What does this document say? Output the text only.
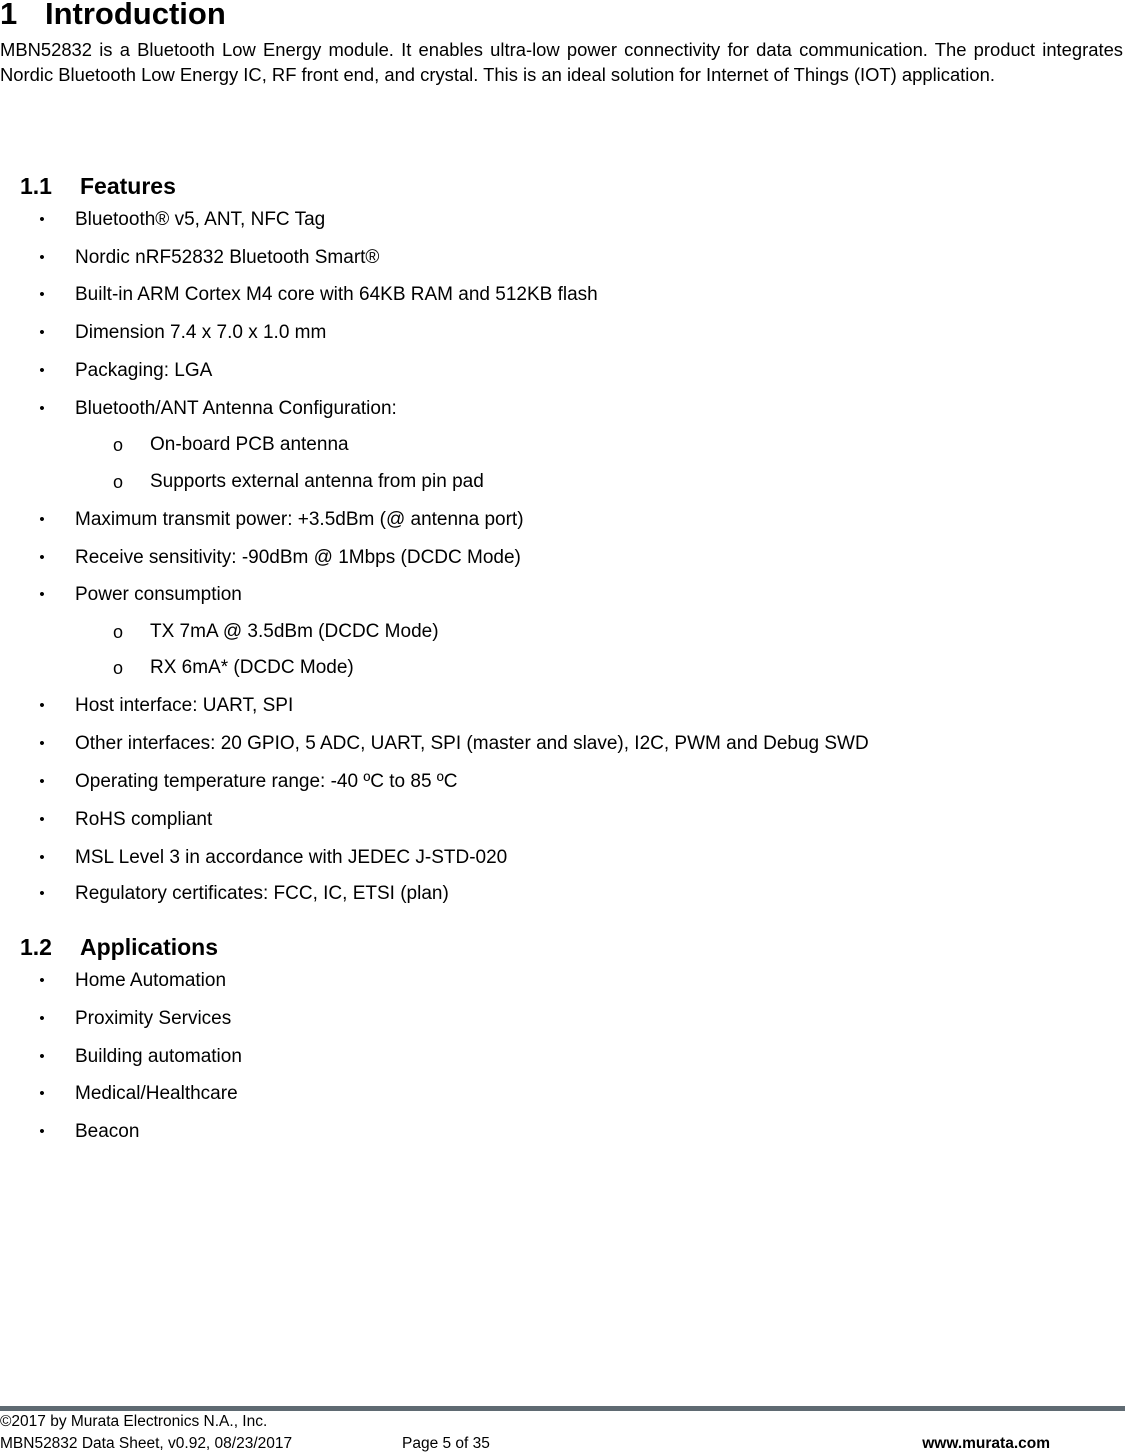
1 Introduction
MBN52832 is a Bluetooth Low Energy module. It enables ultra-low power connectivity for data communication. The product integrates Nordic Bluetooth Low Energy IC, RF front end, and crystal. This is an ideal solution for Internet of Things (IOT) application.
1.1 Features
• Bluetooth® v5, ANT, NFC Tag
• Nordic nRF52832 Bluetooth Smart®
• Built-in ARM Cortex M4 core with 64KB RAM and 512KB flash
• Dimension 7.4 x 7.0 x 1.0 mm
• Packaging: LGA
• Bluetooth/ANT Antenna Configuration:
o On-board PCB antenna
o Supports external antenna from pin pad
• Maximum transmit power: +3.5dBm (@ antenna port)
• Receive sensitivity: -90dBm @ 1Mbps (DCDC Mode)
• Power consumption
o TX 7mA @ 3.5dBm (DCDC Mode)
o RX 6mA* (DCDC Mode)
• Host interface: UART, SPI
• Other interfaces: 20 GPIO, 5 ADC, UART, SPI (master and slave), I2C, PWM and Debug SWD
• Operating temperature range: -40 ºC to 85 ºC
• RoHS compliant
• MSL Level 3 in accordance with JEDEC J-STD-020
• Regulatory certificates: FCC, IC, ETSI (plan)
1.2 Applications
• Home Automation
• Proximity Services
• Building automation
• Medical/Healthcare
• Beacon
©2017 by Murata Electronics N.A., Inc.
MBN52832 Data Sheet, v0.92, 08/23/2017	Page 5 of 35	www.murata.com
